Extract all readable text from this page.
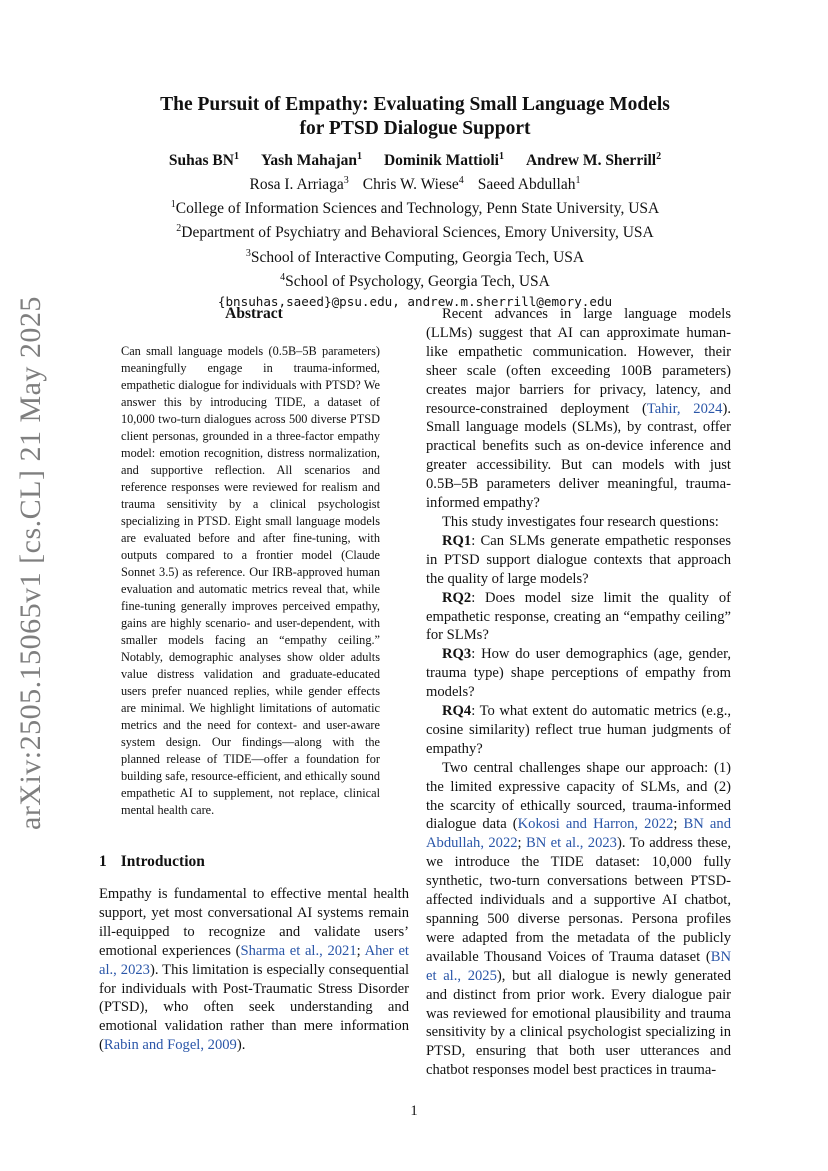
arXiv:2505.15065v1 [cs.CL] 21 May 2025
The Pursuit of Empathy: Evaluating Small Language Models
for PTSD Dialogue Support
Suhas $BN^1$ Yash Mahajan$^1$ Dominik Mattioli$^1$ Andrew M. Sherrill$^2$
Rosa I. Arriaga$^3$ Chris W. Wiese$^4$ Saeed Abdullah$^1$
$^1$College of Information Sciences and Technology, Penn State University, USA
$^2$Department of Psychiatry and Behavioral Sciences, Emory University, USA
$^3$School of Interactive Computing, Georgia Tech, USA
$^4$School of Psychology, Georgia Tech, USA
{bnsuhas,saeed}@psu.edu, andrew.m.sherrill@emory.edu
Abstract

Can small language models (0.5B–5B parameters) meaningfully engage in trauma-informed, empathetic dialogue for individuals with PTSD? We answer this by introducing TIDE, a dataset of 10,000 two-turn dialogues across 500 diverse PTSD client personas, grounded in a three-factor empathy model: emotion recognition, distress normalization, and supportive reflection. All scenarios and reference responses were reviewed for realism and trauma sensitivity by a clinical psychologist specializing in PTSD. Eight small language models are evaluated before and after fine-tuning, with outputs compared to a frontier model (Claude Sonnet 3.5) as reference. Our IRB-approved human evaluation and automatic metrics reveal that, while fine-tuning generally improves perceived empathy, gains are highly scenario- and user-dependent, with smaller models facing an “empathy ceiling.” Notably, demographic analyses show older adults value distress validation and graduate-educated users prefer nuanced replies, while gender effects are minimal. We highlight limitations of automatic metrics and the need for context- and user-aware system design. Our findings—along with the planned release of TIDE—offer a foundation for building safe, resource-efficient, and ethically sound empathetic AI to supplement, not replace, clinical mental health care.

1 Introduction

Empathy is fundamental to effective mental health support, yet most conversational AI systems remain ill-equipped to recognize and validate users’ emotional experiences (Sharma et al., 2021; Aher et al., 2023). This limitation is especially consequential for individuals with Post-Traumatic Stress Disorder (PTSD), who often seek understanding and emotional validation rather than mere information (Rabin and Fogel, 2009).

Recent advances in large language models (LLMs) suggest that AI can approximate human-like empathetic communication. However, their sheer scale (often exceeding 100B parameters) creates major barriers for privacy, latency, and resource-constrained deployment (Tahir, 2024). Small language models (SLMs), by contrast, offer practical benefits such as on-device inference and greater accessibility. But can models with just 0.5B–5B parameters deliver meaningful, trauma-informed empathy?

This study investigates four research questions:

RQ1: Can SLMs generate empathetic responses in PTSD support dialogue contexts that approach the quality of large models?

RQ2: Does model size limit the quality of empathetic response, creating an “empathy ceiling” for SLMs?

RQ3: How do user demographics (age, gender, trauma type) shape perceptions of empathy from models?

RQ4: To what extent do automatic metrics (e.g., cosine similarity) reflect true human judgments of empathy?

Two central challenges shape our approach: (1) the limited expressive capacity of SLMs, and (2) the scarcity of ethically sourced, trauma-informed dialogue data (Kokosi and Harron, 2022; BN and Abdullah, 2022; BN et al., 2023). To address these, we introduce the TIDE dataset: 10,000 fully synthetic, two-turn conversations between PTSD-affected individuals and a supportive AI chatbot, spanning 500 diverse personas. Persona profiles were adapted from the metadata of the publicly available Thousand Voices of Trauma dataset (BN et al., 2025), but all dialogue is newly generated and distinct from prior work. Every dialogue pair was reviewed for emotional plausibility and trauma sensitivity by a clinical psychologist specializing in PTSD, ensuring that both user utterances and chatbot responses model best practices in trauma-

1
